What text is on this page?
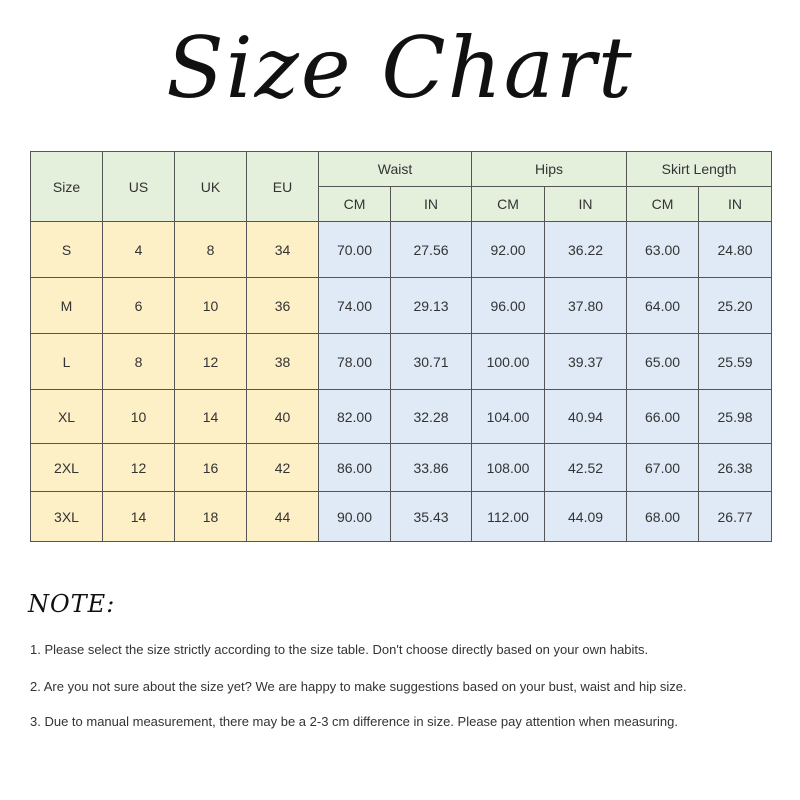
Size Chart
Size	US	UK	EU	Waist		Hips		Skirt Length	
				CM	IN	CM	IN	CM	IN
S	4	8	34	70.00	27.56	92.00	36.22	63.00	24.80
M	6	10	36	74.00	29.13	96.00	37.80	64.00	25.20
L	8	12	38	78.00	30.71	100.00	39.37	65.00	25.59
XL	10	14	40	82.00	32.28	104.00	40.94	66.00	25.98
2XL	12	16	42	86.00	33.86	108.00	42.52	67.00	26.38
3XL	14	18	44	90.00	35.43	112.00	44.09	68.00	26.77
NOTE:
1. Please select the size strictly according to the size table. Don't choose directly based on your own habits.
2. Are you not sure about the size yet? We are happy to make suggestions based on your bust, waist and hip size.
3. Due to manual measurement, there may be a 2-3 cm difference in size. Please pay attention when measuring.
